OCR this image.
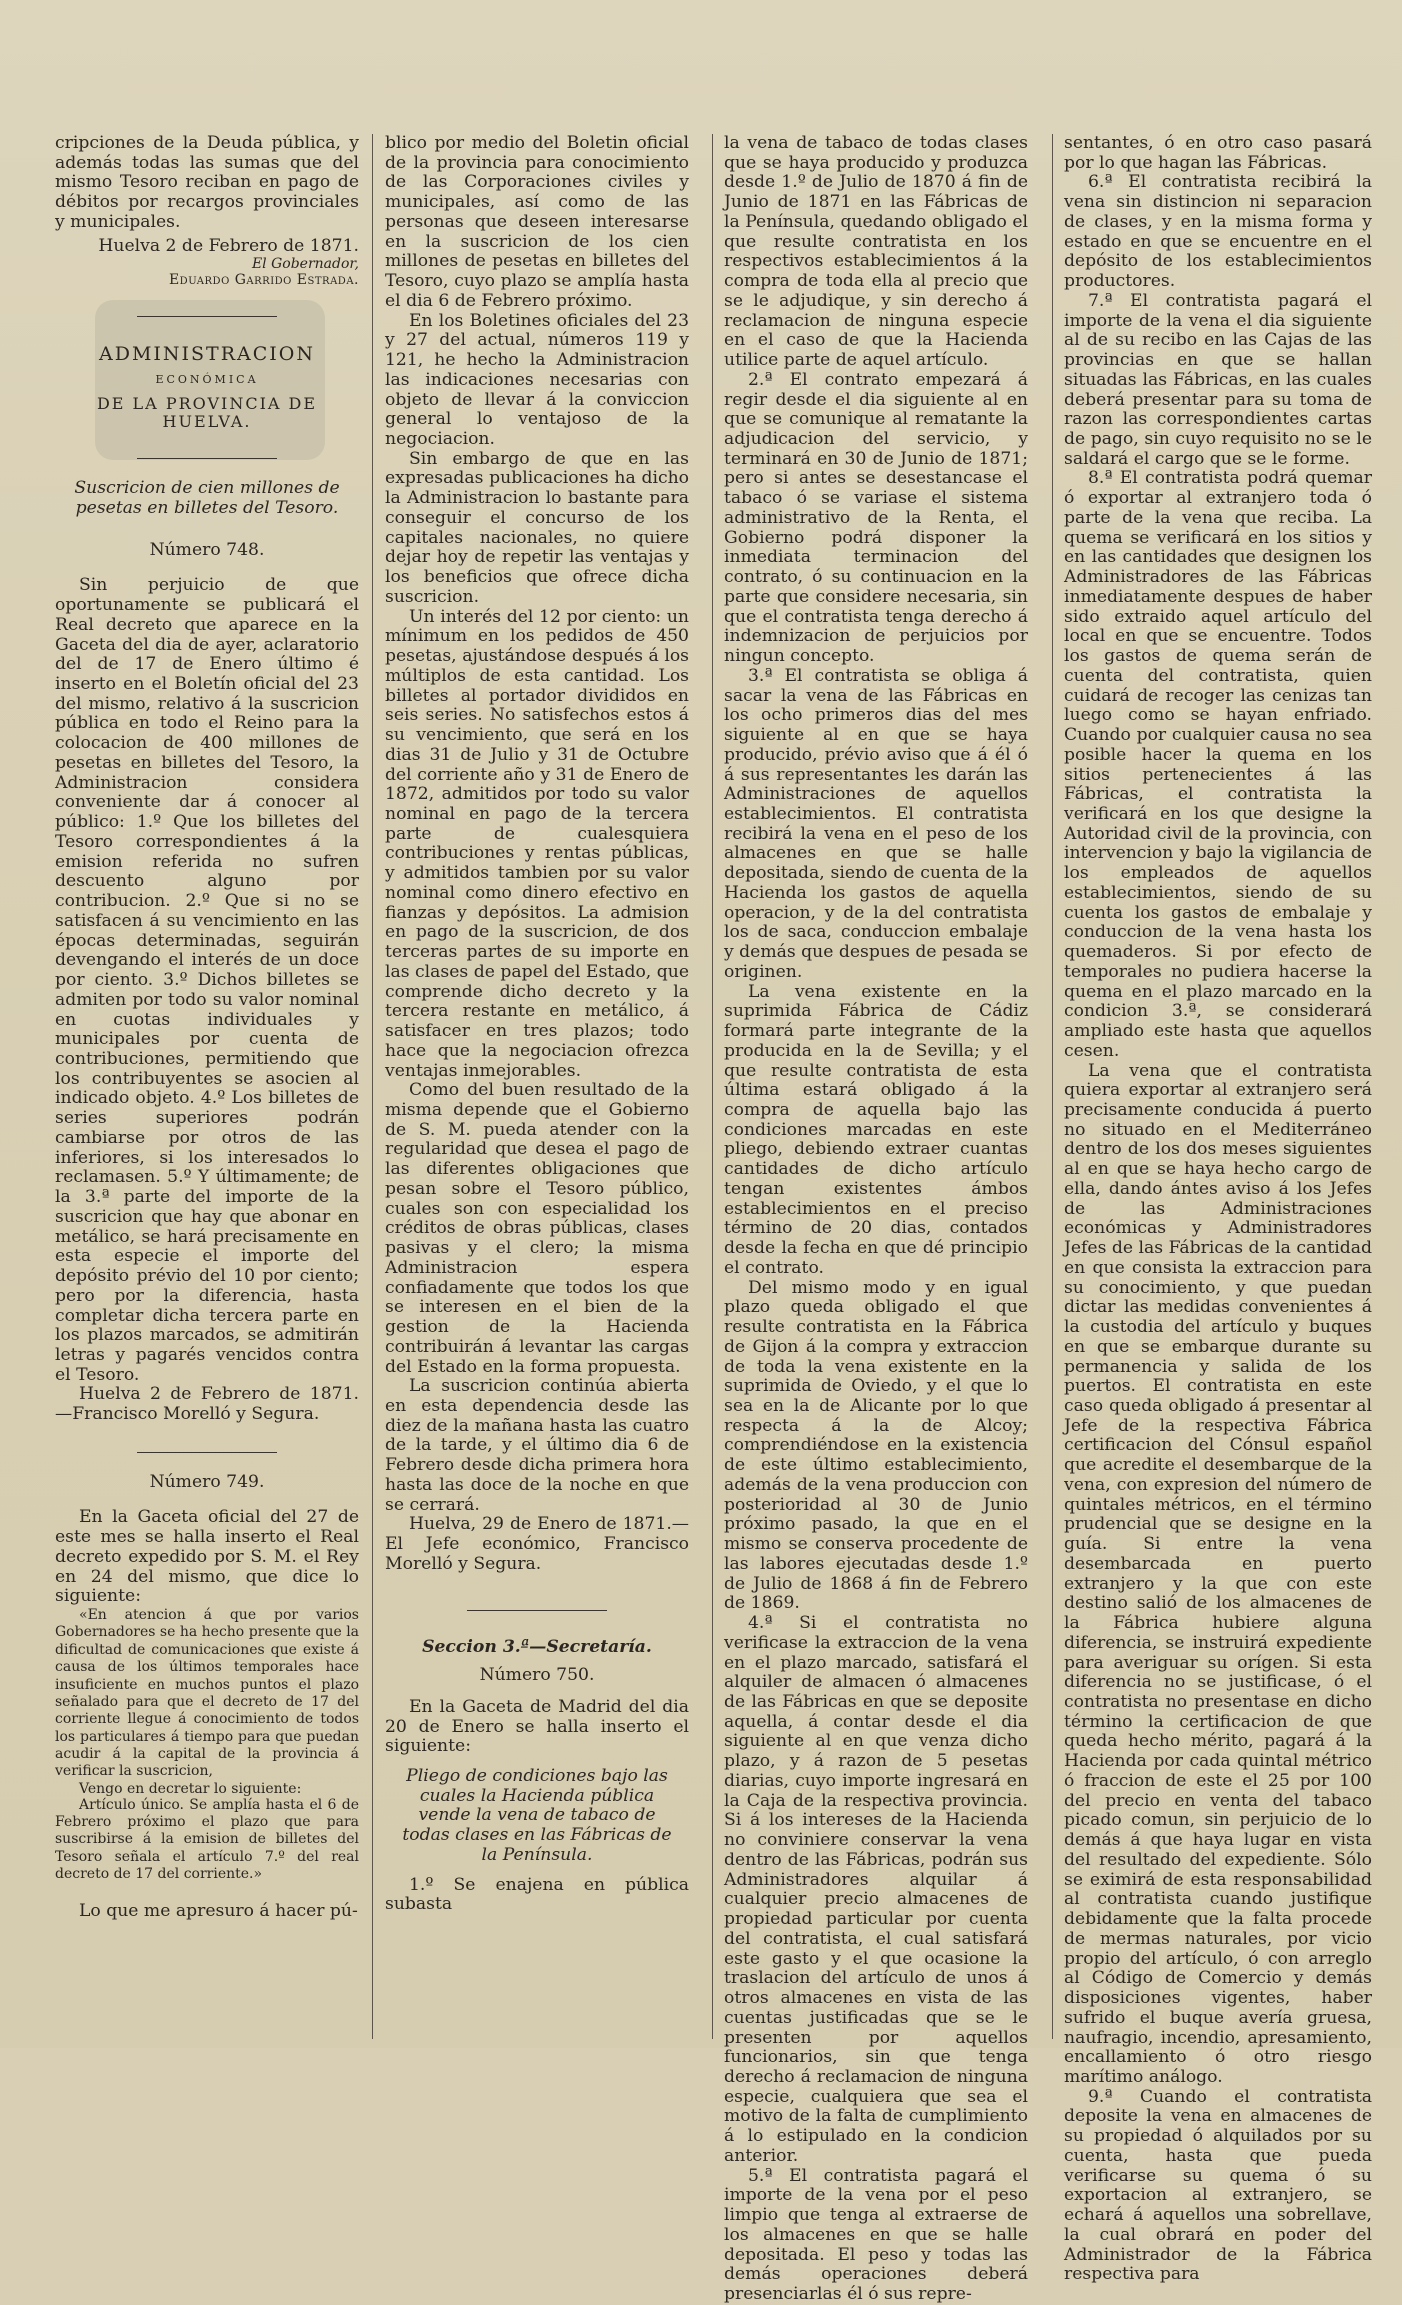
cripciones de la Deuda pública, y además todas las sumas que del mismo Tesoro reciban en pago de débitos por recargos provinciales y municipales.

Huelva 2 de Febrero de 1871.

El Gobernador,

Eduardo Garrido Estrada.

ADMINISTRACION

ECONÓMICA

DE LA PROVINCIA DE HUELVA.

Suscricion de cien millones de pesetas en billetes del Tesoro.

Número 748.

Sin perjuicio de que oportunamente se publicará el Real decreto que aparece en la Gaceta del dia de ayer, aclaratorio del de 17 de Enero último é inserto en el Boletín oficial del 23 del mismo, relativo á la suscricion pública en todo el Reino para la colocacion de 400 millones de pesetas en billetes del Tesoro, la Administracion considera conveniente dar á conocer al público: 1.º Que los billetes del Tesoro correspondientes á la emision referida no sufren descuento alguno por contribucion. 2.º Que si no se satisfacen á su vencimiento en las épocas determinadas, seguirán devengando el interés de un doce por ciento. 3.º Dichos billetes se admiten por todo su valor nominal en cuotas individuales y municipales por cuenta de contribuciones, permitiendo que los contribuyentes se asocien al indicado objeto. 4.º Los billetes de series superiores podrán cambiarse por otros de las inferiores, si los interesados lo reclamasen. 5.º Y últimamente; de la 3.ª parte del importe de la suscricion que hay que abonar en metálico, se hará precisamente en esta especie el importe del depósito prévio del 10 por ciento; pero por la diferencia, hasta completar dicha tercera parte en los plazos marcados, se admitirán letras y pagarés vencidos contra el Tesoro.

Huelva 2 de Febrero de 1871. —Francisco Morelló y Segura.

Número 749.

En la Gaceta oficial del 27 de este mes se halla inserto el Real decreto expedido por S. M. el Rey en 24 del mismo, que dice lo siguiente:

«En atencion á que por varios Gobernadores se ha hecho presente que la dificultad de comunicaciones que existe á causa de los últimos temporales hace insuficiente en muchos puntos el plazo señalado para que el decreto de 17 del corriente llegue á conocimiento de todos los particulares á tiempo para que puedan acudir á la capital de la provincia á verificar la suscricion,

Vengo en decretar lo siguiente:

Artículo único. Se amplía hasta el 6 de Febrero próximo el plazo que para suscribirse á la emision de billetes del Tesoro señala el artículo 7.º del real decreto de 17 del corriente.»

Lo que me apresuro á hacer pú-

blico por medio del Boletin oficial de la provincia para conocimiento de las Corporaciones civiles y municipales, así como de las personas que deseen interesarse en la suscricion de los cien millones de pesetas en billetes del Tesoro, cuyo plazo se amplía hasta el dia 6 de Febrero próximo.

En los Boletines oficiales del 23 y 27 del actual, números 119 y 121, he hecho la Administracion las indicaciones necesarias con objeto de llevar á la conviccion general lo ventajoso de la negociacion.

Sin embargo de que en las expresadas publicaciones ha dicho la Administracion lo bastante para conseguir el concurso de los capitales nacionales, no quiere dejar hoy de repetir las ventajas y los beneficios que ofrece dicha suscricion.

Un interés del 12 por ciento: un mínimum en los pedidos de 450 pesetas, ajustándose después á los múltiplos de esta cantidad. Los billetes al portador divididos en seis series. No satisfechos estos á su vencimiento, que será en los dias 31 de Julio y 31 de Octubre del corriente año y 31 de Enero de 1872, admitidos por todo su valor nominal en pago de la tercera parte de cualesquiera contribuciones y rentas públicas, y admitidos tambien por su valor nominal como dinero efectivo en fianzas y depósitos. La admision en pago de la suscricion, de dos terceras partes de su importe en las clases de papel del Estado, que comprende dicho decreto y la tercera restante en metálico, á satisfacer en tres plazos; todo hace que la negociacion ofrezca ventajas inmejorables.

Como del buen resultado de la misma depende que el Gobierno de S. M. pueda atender con la regularidad que desea el pago de las diferentes obligaciones que pesan sobre el Tesoro público, cuales son con especialidad los créditos de obras públicas, clases pasivas y el clero; la misma Administracion espera confiadamente que todos los que se interesen en el bien de la gestion de la Hacienda contribuirán á levantar las cargas del Estado en la forma propuesta.

La suscricion continúa abierta en esta dependencia desde las diez de la mañana hasta las cuatro de la tarde, y el último dia 6 de Febrero desde dicha primera hora hasta las doce de la noche en que se cerrará.

Huelva, 29 de Enero de 1871.—El Jefe económico, Francisco Morelló y Segura.

Seccion 3.ª—Secretaría.

Número 750.

En la Gaceta de Madrid del dia 20 de Enero se halla inserto el siguiente:

Pliego de condiciones bajo las cuales la Hacienda pública vende la vena de tabaco de todas clases en las Fábricas de la Península.

1.º Se enajena en pública subasta

la vena de tabaco de todas clases que se haya producido y produzca desde 1.º de Julio de 1870 á fin de Junio de 1871 en las Fábricas de la Península, quedando obligado el que resulte contratista en los respectivos establecimientos á la compra de toda ella al precio que se le adjudique, y sin derecho á reclamacion de ninguna especie en el caso de que la Hacienda utilice parte de aquel artículo.

2.ª El contrato empezará á regir desde el dia siguiente al en que se comunique al rematante la adjudicacion del servicio, y terminará en 30 de Junio de 1871; pero si antes se desestancase el tabaco ó se variase el sistema administrativo de la Renta, el Gobierno podrá disponer la inmediata terminacion del contrato, ó su continuacion en la parte que considere necesaria, sin que el contratista tenga derecho á indemnizacion de perjuicios por ningun concepto.

3.ª El contratista se obliga á sacar la vena de las Fábricas en los ocho primeros dias del mes siguiente al en que se haya producido, prévio aviso que á él ó á sus representantes les darán las Administraciones de aquellos establecimientos. El contratista recibirá la vena en el peso de los almacenes en que se halle depositada, siendo de cuenta de la Hacienda los gastos de aquella operacion, y de la del contratista los de saca, conduccion embalaje y demás que despues de pesada se originen.

La vena existente en la suprimida Fábrica de Cádiz formará parte integrante de la producida en la de Sevilla; y el que resulte contratista de esta última estará obligado á la compra de aquella bajo las condiciones marcadas en este pliego, debiendo extraer cuantas cantidades de dicho artículo tengan existentes ámbos establecimientos en el preciso término de 20 dias, contados desde la fecha en que dé principio el contrato.

Del mismo modo y en igual plazo queda obligado el que resulte contratista en la Fábrica de Gijon á la compra y extraccion de toda la vena existente en la suprimida de Oviedo, y el que lo sea en la de Alicante por lo que respecta á la de Alcoy; comprendiéndose en la existencia de este último establecimiento, además de la vena produccion con posterioridad al 30 de Junio próximo pasado, la que en el mismo se conserva procedente de las labores ejecutadas desde 1.º de Julio de 1868 á fin de Febrero de 1869.

4.ª Si el contratista no verificase la extraccion de la vena en el plazo marcado, satisfará el alquiler de almacen ó almacenes de las Fábricas en que se deposite aquella, á contar desde el dia siguiente al en que venza dicho plazo, y á razon de 5 pesetas diarias, cuyo importe ingresará en la Caja de la respectiva provincia. Si á los intereses de la Hacienda no conviniere conservar la vena dentro de las Fábricas, podrán sus Administradores alquilar á cualquier precio almacenes de propiedad particular por cuenta del contratista, el cual satisfará este gasto y el que ocasione la traslacion del artículo de unos á otros almacenes en vista de las cuentas justificadas que se le presenten por aquellos funcionarios, sin que tenga derecho á reclamacion de ninguna especie, cualquiera que sea el motivo de la falta de cumplimiento á lo estipulado en la condicion anterior.

5.ª El contratista pagará el importe de la vena por el peso limpio que tenga al extraerse de los almacenes en que se halle depositada. El peso y todas las demás operaciones deberá presenciarlas él ó sus repre-

sentantes, ó en otro caso pasará por lo que hagan las Fábricas.

6.ª El contratista recibirá la vena sin distincion ni separacion de clases, y en la misma forma y estado en que se encuentre en el depósito de los establecimientos productores.

7.ª El contratista pagará el importe de la vena el dia siguiente al de su recibo en las Cajas de las provincias en que se hallan situadas las Fábricas, en las cuales deberá presentar para su toma de razon las correspondientes cartas de pago, sin cuyo requisito no se le saldará el cargo que se le forme.

8.ª El contratista podrá quemar ó exportar al extranjero toda ó parte de la vena que reciba. La quema se verificará en los sitios y en las cantidades que designen los Administradores de las Fábricas inmediatamente despues de haber sido extraido aquel artículo del local en que se encuentre. Todos los gastos de quema serán de cuenta del contratista, quien cuidará de recoger las cenizas tan luego como se hayan enfriado. Cuando por cualquier causa no sea posible hacer la quema en los sitios pertenecientes á las Fábricas, el contratista la verificará en los que designe la Autoridad civil de la provincia, con intervencion y bajo la vigilancia de los empleados de aquellos establecimientos, siendo de su cuenta los gastos de embalaje y conduccion de la vena hasta los quemaderos. Si por efecto de temporales no pudiera hacerse la quema en el plazo marcado en la condicion 3.ª, se considerará ampliado este hasta que aquellos cesen.

La vena que el contratista quiera exportar al extranjero será precisamente conducida á puerto no situado en el Mediterráneo dentro de los dos meses siguientes al en que se haya hecho cargo de ella, dando ántes aviso á los Jefes de las Administraciones económicas y Administradores Jefes de las Fábricas de la cantidad en que consista la extraccion para su conocimiento, y que puedan dictar las medidas convenientes á la custodia del artículo y buques en que se embarque durante su permanencia y salida de los puertos. El contratista en este caso queda obligado á presentar al Jefe de la respectiva Fábrica certificacion del Cónsul español que acredite el desembarque de la vena, con expresion del número de quintales métricos, en el término prudencial que se designe en la guía. Si entre la vena desembarcada en puerto extranjero y la que con este destino salió de los almacenes de la Fábrica hubiere alguna diferencia, se instruirá expediente para averiguar su orígen. Si esta diferencia no se justificase, ó el contratista no presentase en dicho término la certificacion de que queda hecho mérito, pagará á la Hacienda por cada quintal métrico ó fraccion de este el 25 por 100 del precio en venta del tabaco picado comun, sin perjuicio de lo demás á que haya lugar en vista del resultado del expediente. Sólo se eximirá de esta responsabilidad al contratista cuando justifique debidamente que la falta procede de mermas naturales, por vicio propio del artículo, ó con arreglo al Código de Comercio y demás disposiciones vigentes, haber sufrido el buque avería gruesa, naufragio, incendio, apresamiento, encallamiento ó otro riesgo marítimo análogo.

9.ª Cuando el contratista deposite la vena en almacenes de su propiedad ó alquilados por su cuenta, hasta que pueda verificarse su quema ó su exportacion al extranjero, se echará á aquellos una sobrellave, la cual obrará en poder del Administrador de la Fábrica respectiva para
